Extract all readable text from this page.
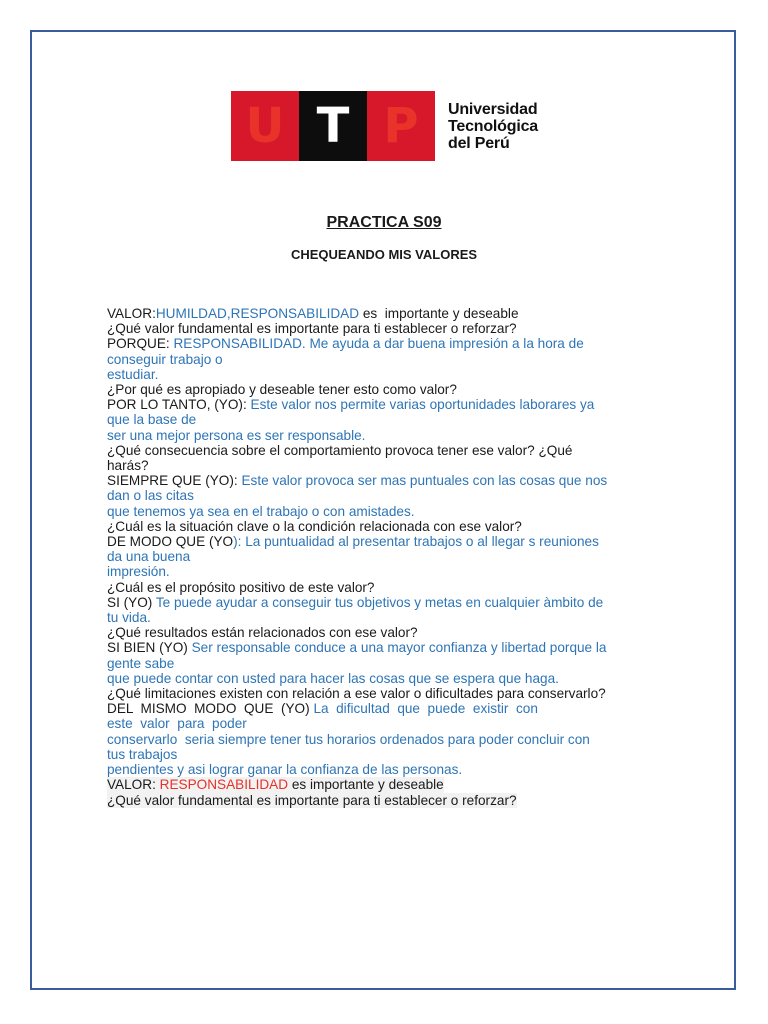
U T P	Universidad
Tecnológica
del Perú
PRACTICA S09
CHEQUEANDO MIS VALORES
VALOR:HUMILDAD,RESPONSABILIDAD es  importante y deseable
¿Qué valor fundamental es importante para ti establecer o reforzar?
PORQUE: RESPONSABILIDAD. Me ayuda a dar buena impresión a la hora de
conseguir trabajo o
estudiar.
¿Por qué es apropiado y deseable tener esto como valor?
POR LO TANTO, (YO): Este valor nos permite varias oportunidades laborares ya
que la base de
ser una mejor persona es ser responsable.
¿Qué consecuencia sobre el comportamiento provoca tener ese valor? ¿Qué
harás?
SIEMPRE QUE (YO): Este valor provoca ser mas puntuales con las cosas que nos
dan o las citas
que tenemos ya sea en el trabajo o con amistades.
¿Cuál es la situación clave o la condición relacionada con ese valor?
DE MODO QUE (YO): La puntualidad al presentar trabajos o al llegar s reuniones
da una buena
impresión.
¿Cuál es el propósito positivo de este valor?
SI (YO) Te puede ayudar a conseguir tus objetivos y metas en cualquier àmbito de
tu vida.
¿Qué resultados están relacionados con ese valor?
SI BIEN (YO) Ser responsable conduce a una mayor confianza y libertad porque la
gente sabe
que puede contar con usted para hacer las cosas que se espera que haga.
¿Qué limitaciones existen con relación a ese valor o dificultades para conservarlo?
DEL  MISMO  MODO  QUE  (YO) La  dificultad  que  puede  existir  con
este  valor  para  poder
conservarlo  seria siempre tener tus horarios ordenados para poder concluir con
tus trabajos
pendientes y asi lograr ganar la confianza de las personas.
VALOR: RESPONSABILIDAD es importante y deseable
¿Qué valor fundamental es importante para ti establecer o reforzar?
